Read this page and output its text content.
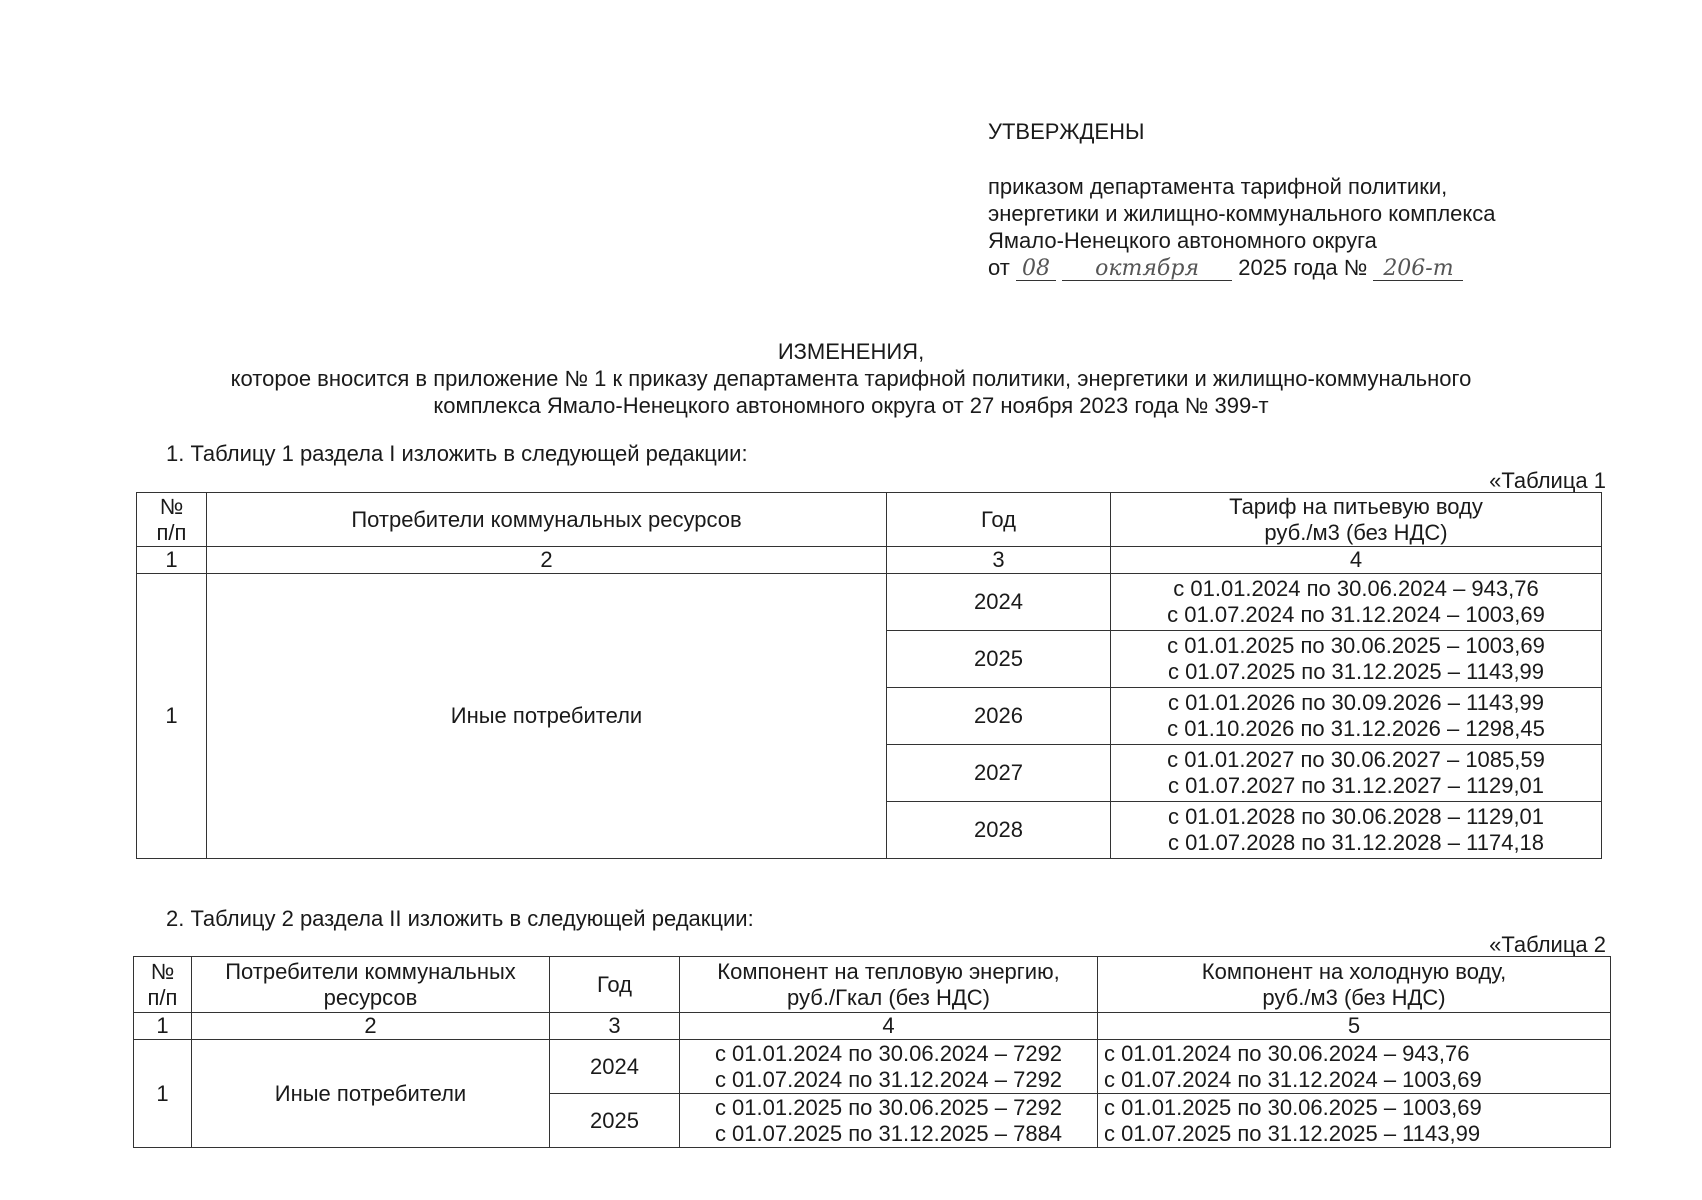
УТВЕРЖДЕНЫ
приказом департамента тарифной политики,
энергетики и жилищно-коммунального комплекса
Ямало-Ненецкого автономного округа
от 08 октября 2025 года № 206-т
ИЗМЕНЕНИЯ,
которое вносится в приложение № 1 к приказу департамента тарифной политики, энергетики и жилищно-коммунального
комплекса Ямало-Ненецкого автономного округа от 27 ноября 2023 года № 399-т
1. Таблицу 1 раздела I изложить в следующей редакции:
«Таблица 1
№
п/п	Потребители коммунальных ресурсов	Год	Тариф на питьевую воду
руб./м3 (без НДС)

1	2	3	4
1	Иные потребители	2024	с 01.01.2024 по 30.06.2024 – 943,76
с 01.07.2024 по 31.12.2024 – 1003,69

		2025	с 01.01.2025 по 30.06.2025 – 1003,69
с 01.07.2025 по 31.12.2025 – 1143,99

		2026	с 01.01.2026 по 30.09.2026 – 1143,99
с 01.10.2026 по 31.12.2026 – 1298,45

		2027	с 01.01.2027 по 30.06.2027 – 1085,59
с 01.07.2027 по 31.12.2027 – 1129,01

		2028	с 01.01.2028 по 30.06.2028 – 1129,01
с 01.07.2028 по 31.12.2028 – 1174,18
2. Таблицу 2 раздела II изложить в следующей редакции:
«Таблица 2
№
п/п	Потребители коммунальных
ресурсов	Год	Компонент на тепловую энергию,
руб./Гкал (без НДС)	Компонент на холодную воду,
руб./м3 (без НДС)

1	2	3	4	5
1	Иные потребители	2024	с 01.01.2024 по 30.06.2024 – 7292
с 01.07.2024 по 31.12.2024 – 7292	с 01.01.2024 по 30.06.2024 – 943,76
с 01.07.2024 по 31.12.2024 – 1003,69

		2025	с 01.01.2025 по 30.06.2025 – 7292
с 01.07.2025 по 31.12.2025 – 7884	с 01.01.2025 по 30.06.2025 – 1003,69
с 01.07.2025 по 31.12.2025 – 1143,99
